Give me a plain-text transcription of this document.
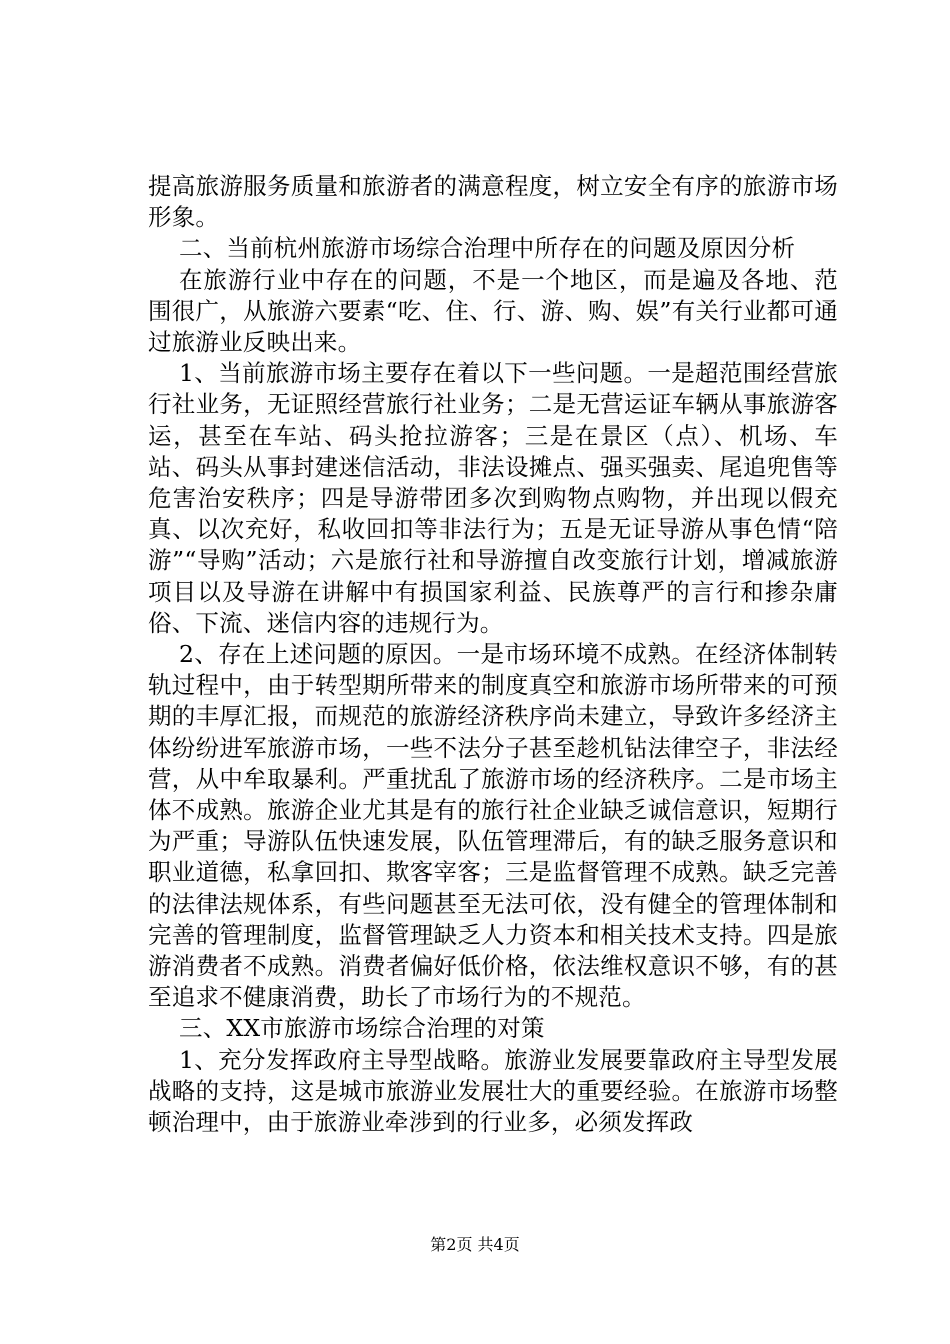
提高旅游服务质量和旅游者的满意程度，树立安全有序的旅游市场形象。

二、当前杭州旅游市场综合治理中所存在的问题及原因分析

在旅游行业中存在的问题，不是一个地区，而是遍及各地、范围很广，从旅游六要素“吃、住、行、游、购、娱”有关行业都可通过旅游业反映出来。

1、当前旅游市场主要存在着以下一些问题。一是超范围经营旅行社业务，无证照经营旅行社业务；二是无营运证车辆从事旅游客运，甚至在车站、码头抢拉游客；三是在景区（点）、机场、车站、码头从事封建迷信活动，非法设摊点、强买强卖、尾追兜售等危害治安秩序；四是导游带团多次到购物点购物，并出现以假充真、以次充好，私收回扣等非法行为；五是无证导游从事色情“陪游”“导购”活动；六是旅行社和导游擅自改变旅行计划，增减旅游项目以及导游在讲解中有损国家利益、民族尊严的言行和掺杂庸俗、下流、迷信内容的违规行为。

2、存在上述问题的原因。一是市场环境不成熟。在经济体制转轨过程中，由于转型期所带来的制度真空和旅游市场所带来的可预期的丰厚汇报，而规范的旅游经济秩序尚未建立，导致许多经济主体纷纷进军旅游市场，一些不法分子甚至趁机钻法律空子，非法经营，从中牟取暴利。严重扰乱了旅游市场的经济秩序。二是市场主体不成熟。旅游企业尤其是有的旅行社企业缺乏诚信意识，短期行为严重；导游队伍快速发展，队伍管理滞后，有的缺乏服务意识和职业道德，私拿回扣、欺客宰客；三是监督管理不成熟。缺乏完善的法律法规体系，有些问题甚至无法可依，没有健全的管理体制和完善的管理制度，监督管理缺乏人力资本和相关技术支持。四是旅游消费者不成熟。消费者偏好低价格，依法维权意识不够，有的甚至追求不健康消费，助长了市场行为的不规范。

三、XX市旅游市场综合治理的对策

1、充分发挥政府主导型战略。旅游业发展要靠政府主导型发展战略的支持，这是城市旅游业发展壮大的重要经验。在旅游市场整顿治理中，由于旅游业牵涉到的行业多，必须发挥政

第2页 共4页
